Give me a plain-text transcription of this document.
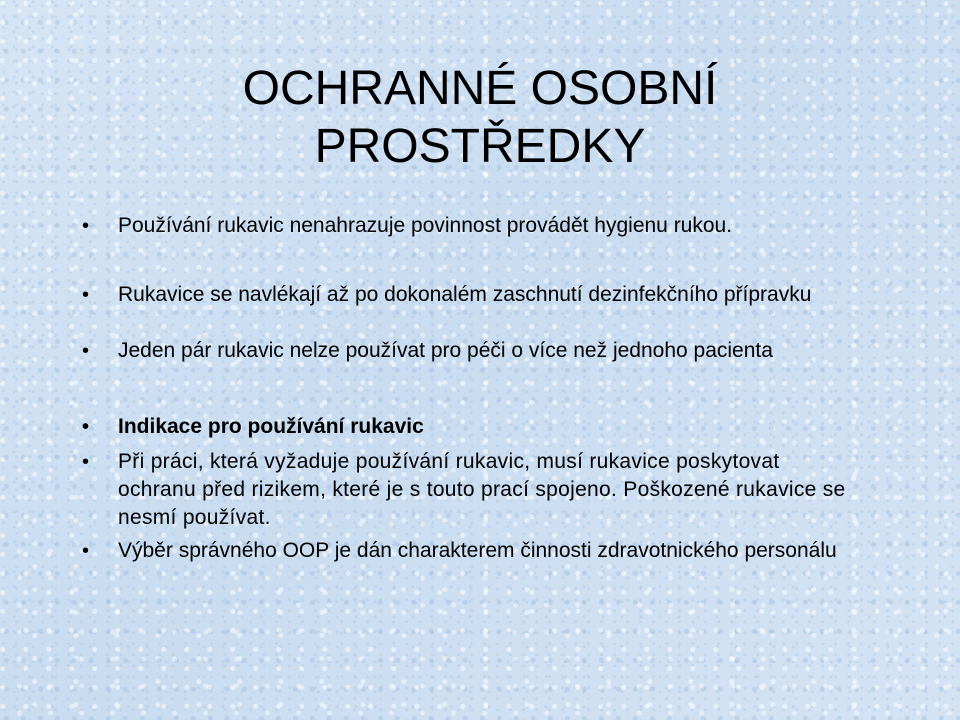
OCHRANNÉ OSOBNÍ
PROSTŘEDKY
• Používání rukavic nenahrazuje povinnost provádět hygienu rukou.
• Rukavice se navlékají až po dokonalém zaschnutí dezinfekčního přípravku
• Jeden pár rukavic nelze používat pro péči o více než jednoho pacienta
• Indikace pro používání rukavic
• Při práci, která vyžaduje používání rukavic, musí rukavice poskytovat ochranu před rizikem, které je s touto prací spojeno. Poškozené rukavice se nesmí používat.
• Výběr správného OOP je dán charakterem činnosti zdravotnického personálu
